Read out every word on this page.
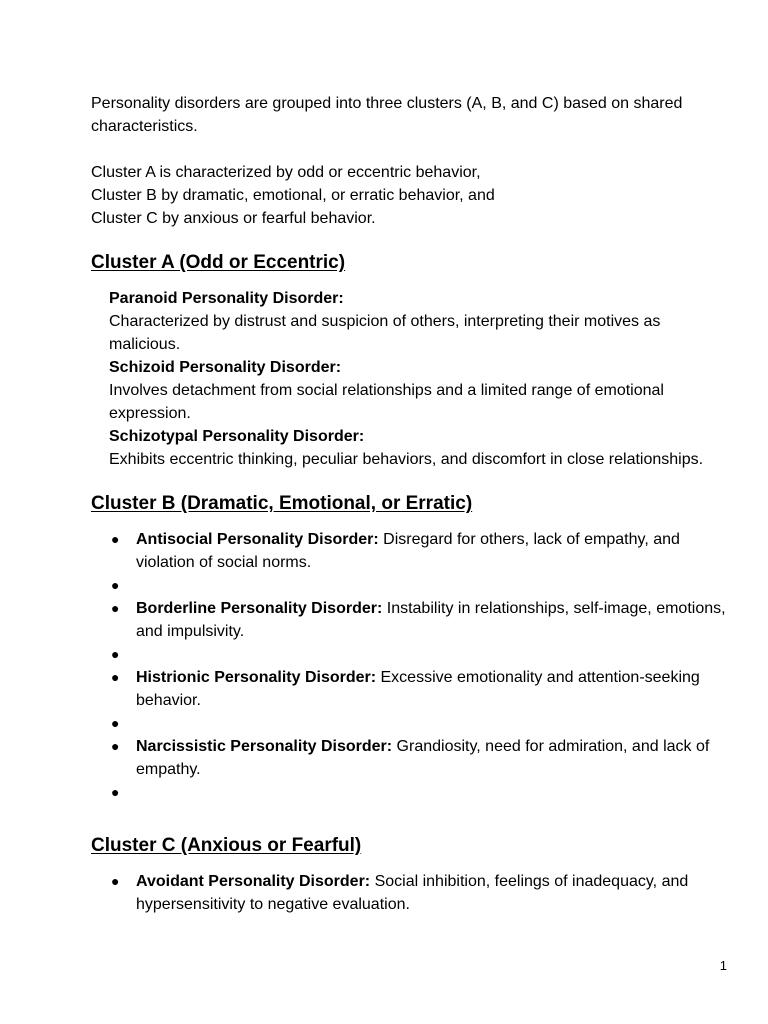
Personality disorders are grouped into three clusters (A, B, and C) based on shared characteristics.

Cluster A is characterized by odd or eccentric behavior,

Cluster B by dramatic, emotional, or erratic behavior, and

Cluster C by anxious or fearful behavior.

Cluster A (Odd or Eccentric)
Paranoid Personality Disorder:
Characterized by distrust and suspicion of others, interpreting their motives as malicious.
Schizoid Personality Disorder:
Involves detachment from social relationships and a limited range of emotional expression.
Schizotypal Personality Disorder:
Exhibits eccentric thinking, peculiar behaviors, and discomfort in close relationships.
Cluster B (Dramatic, Emotional, or Erratic)
● Antisocial Personality Disorder: Disregard for others, lack of empathy, and violation of social norms.
●
● Borderline Personality Disorder: Instability in relationships, self-image, emotions, and impulsivity.
●
● Histrionic Personality Disorder: Excessive emotionality and attention-seeking behavior.
●
● Narcissistic Personality Disorder: Grandiosity, need for admiration, and lack of empathy.
●
Cluster C (Anxious or Fearful)
● Avoidant Personality Disorder: Social inhibition, feelings of inadequacy, and hypersensitivity to negative evaluation.
1
